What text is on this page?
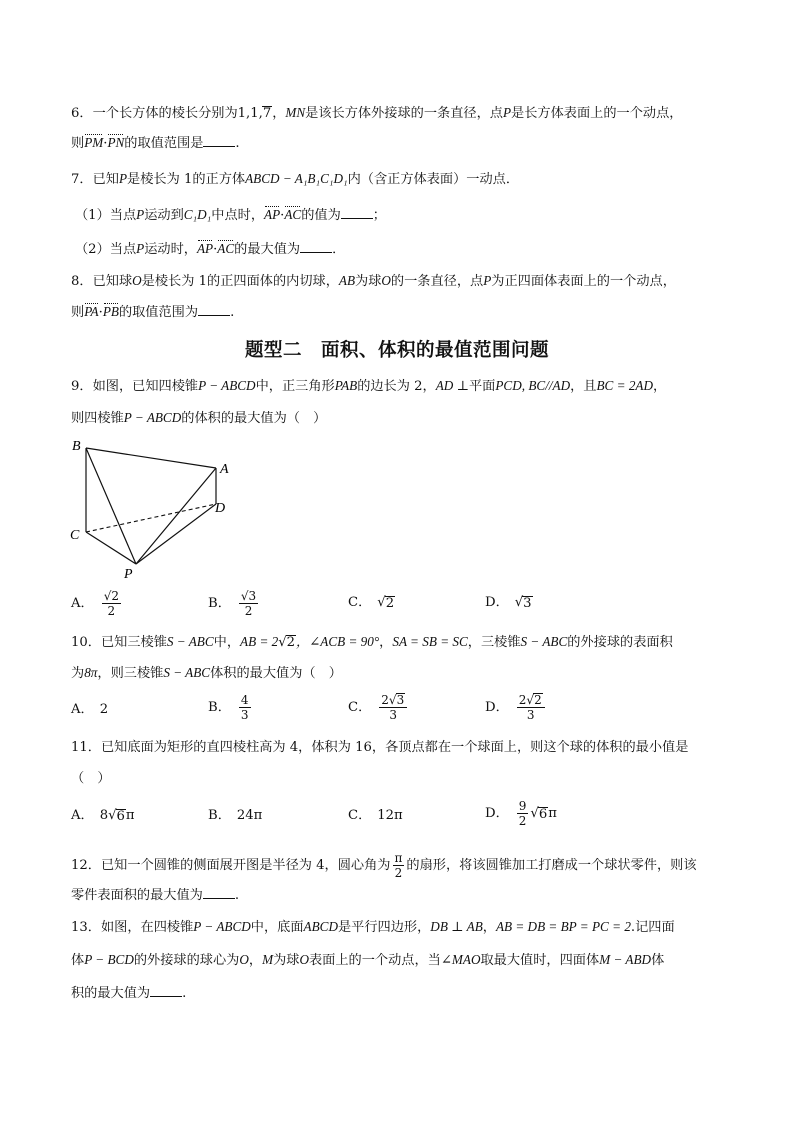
6．一个长方体的棱长分别为1,1,7，MN是该长方体外接球的一条直径，点P是长方体表面上的一个动点，
则PM·PN的取值范围是 .
7．已知P是棱长为 1的正方体ABCD − A₁B₁C₁D₁内（含正方体表面）一动点．
（1）当点P运动到C₁D₁中点时，AP·AC的值为 ；
（2）当点P运动时，AP·AC的最大值为 ．
8．已知球O是棱长为 1的正四面体的内切球，AB为球O的一条直径，点P为正四面体表面上的一个动点，
则PA·PB的取值范围为 .
题型二　面积、体积的最值范围问题
9．如图，已知四棱锥P − ABCD中，正三角形PAB的边长为 2，AD ⊥平面PCD, BC//AD，且BC = 2AD，
则四棱锥P − ABCD的体积的最大值为（　）
B
A
D
C
P
A． $\frac{√2}{2}$	B． $\frac{√3}{2}$	C． √ 2	D． √ 3
10．已知三棱锥S − ABC中，AB = 2√2，∠ACB = 90°，SA = SB = SC，三棱锥S − ABC的外接球的表面积
为8π，则三棱锥S − ABC体积的最大值为（　）
A． 2	B． $\frac{4}{3}$	C． $\frac{2√3}{3}$	D． $\frac{2√2}{3}$
11．已知底面为矩形的直四棱柱高为 4，体积为 16，各顶点都在一个球面上，则这个球的体积的最小值是
（　）
A． 8 √ 6 π	B． 24π	C． 12π	D． $\frac{9}{2}$ √ 6 π
12．已知一个圆锥的侧面展开图是半径为 4，圆心角为 $\frac{\pi}{2}$ 的扇形，将该圆锥加工打磨成一个球状零件，则该
零件表面积的最大值为 .
13．如图，在四棱锥P − ABCD中，底面ABCD是平行四边形，DB ⊥ AB，AB = DB = BP = PC = 2.记四面
体P − BCD的外接球的球心为O，M为球O表面上的一个动点，当∠MAO取最大值时，四面体M − ABD体
积的最大值为 .
